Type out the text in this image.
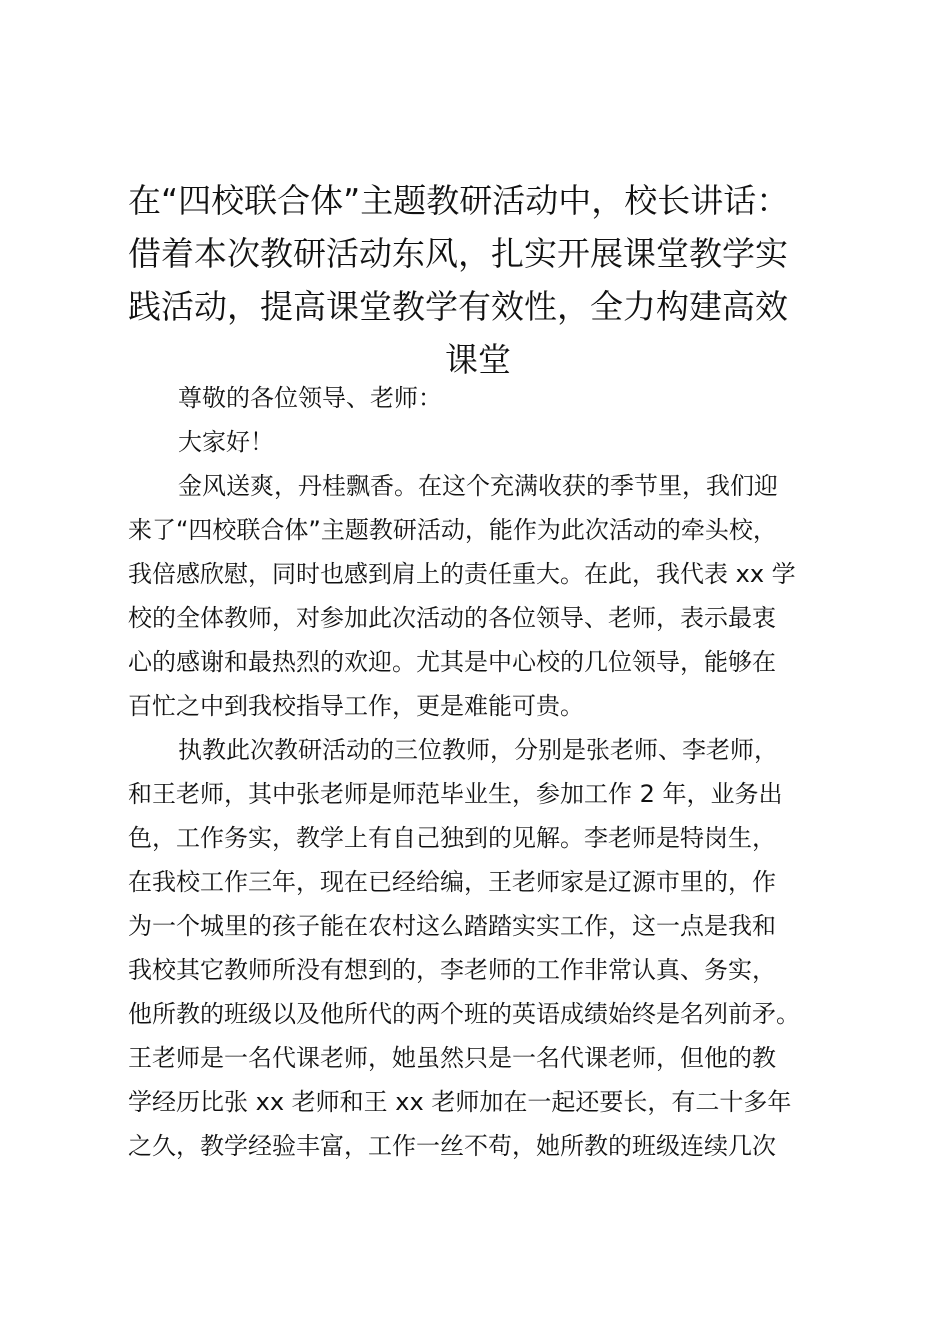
在“四校联合体”主题教研活动中，校长讲话：
借着本次教研活动东风，扎实开展课堂教学实
践活动，提高课堂教学有效性，全力构建高效
课堂
尊敬的各位领导、老师：
大家好！
金风送爽，丹桂飘香。在这个充满收获的季节里，我们迎
来了“四校联合体”主题教研活动，能作为此次活动的牵头校，
我倍感欣慰，同时也感到肩上的责任重大。在此，我代表 xx 学
校的全体教师，对参加此次活动的各位领导、老师，表示最衷
心的感谢和最热烈的欢迎。尤其是中心校的几位领导，能够在
百忙之中到我校指导工作，更是难能可贵。
执教此次教研活动的三位教师，分别是张老师、李老师，
和王老师，其中张老师是师范毕业生，参加工作 2 年，业务出
色，工作务实，教学上有自己独到的见解。李老师是特岗生，
在我校工作三年，现在已经给编，王老师家是辽源市里的，作
为一个城里的孩子能在农村这么踏踏实实工作，这一点是我和
我校其它教师所没有想到的，李老师的工作非常认真、务实，
他所教的班级以及他所代的两个班的英语成绩始终是名列前矛。
王老师是一名代课老师，她虽然只是一名代课老师，但他的教
学经历比张 xx 老师和王 xx 老师加在一起还要长，有二十多年
之久，教学经验丰富，工作一丝不苟，她所教的班级连续几次
